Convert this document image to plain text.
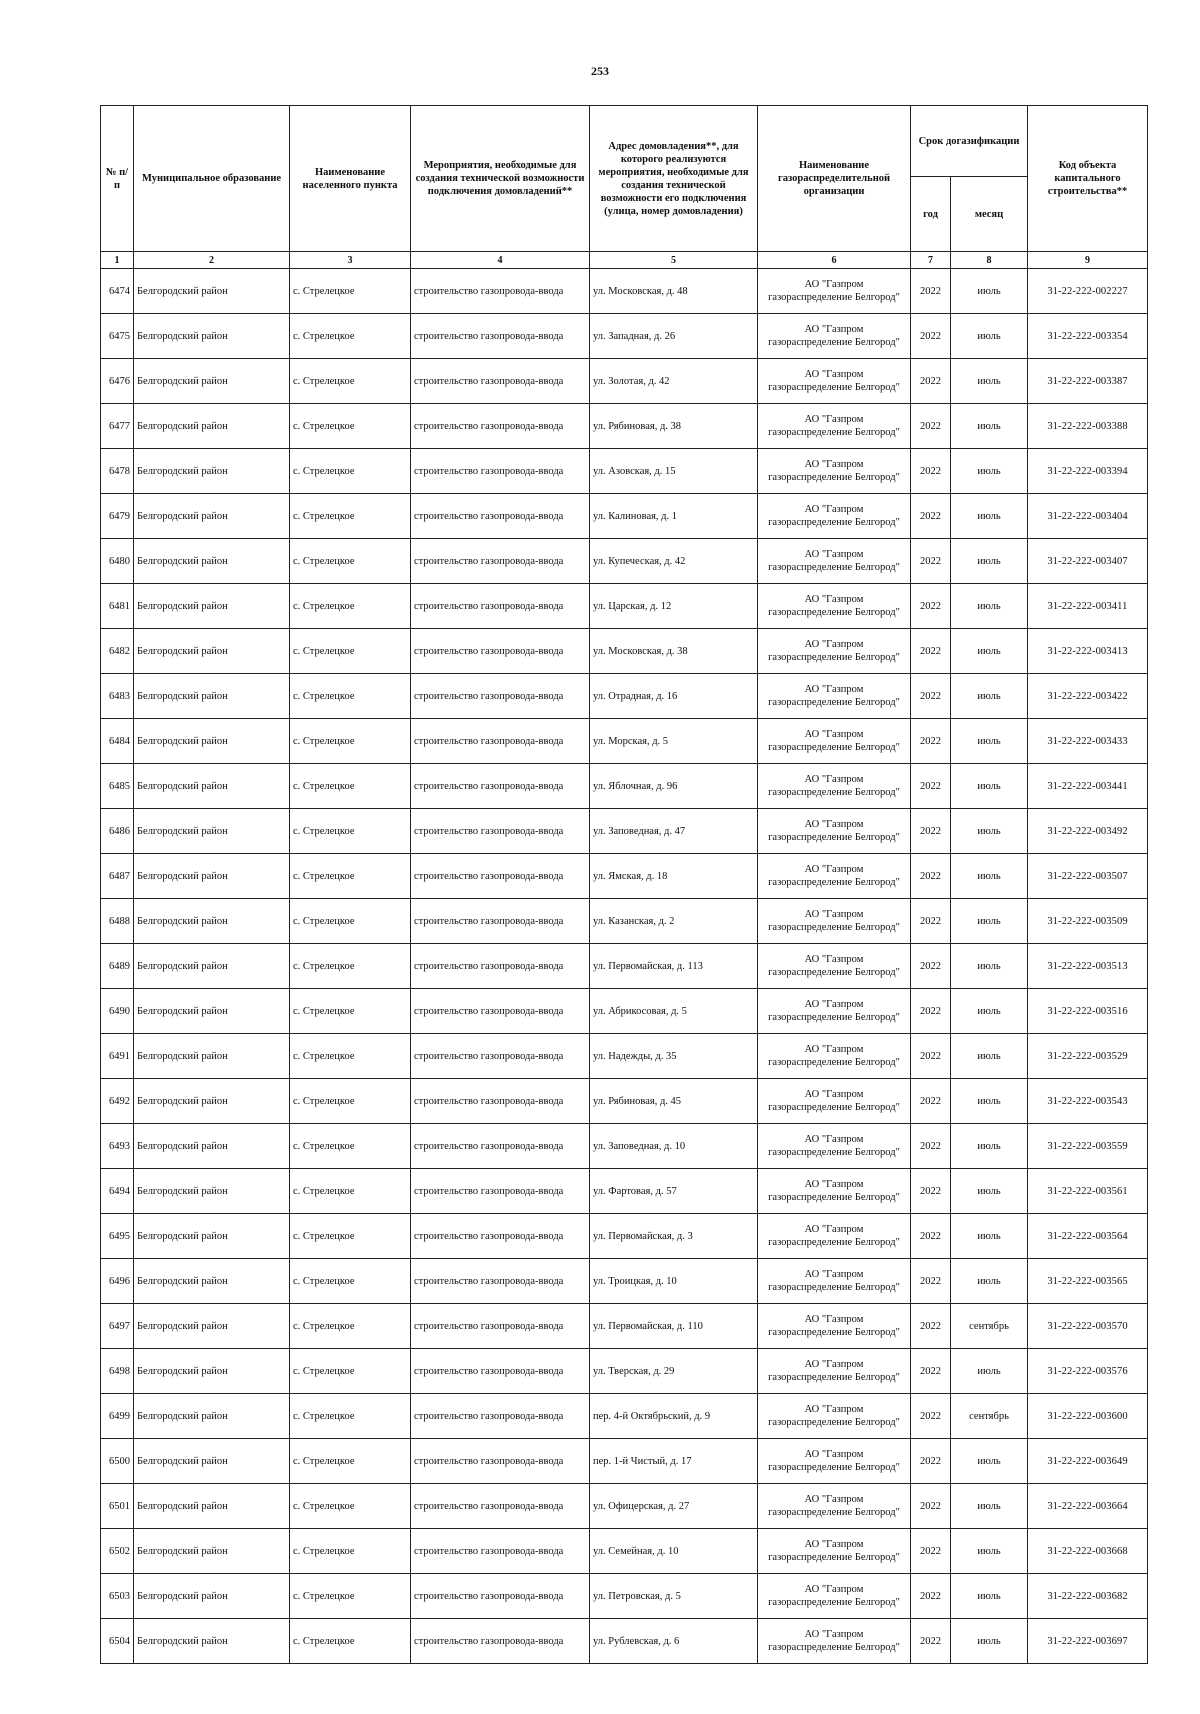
253
№ п/п	Муниципальное образование	Наименование населенного пункта	Мероприятия, необходимые для создания технической возможности подключения домовладений**	Адрес домовладения**, для которого реализуются мероприятия, необходимые для создания технической возможности его подключения (улица, номер домовладения)	Наименование газораспределительной организации	Срок догазификации		Код объекта капитального строительства**
						год	месяц	
1	2	3	4	5	6	7	8	9
6474	Белгородский район	с. Стрелецкое	строительство газопровода-ввода	ул. Московская, д. 48	АО "Газпром
газораспределение Белгород"	2022	июль	31-22-222-002227
6475	Белгородский район	с. Стрелецкое	строительство газопровода-ввода	ул. Западная, д. 26	АО "Газпром
газораспределение Белгород"	2022	июль	31-22-222-003354
6476	Белгородский район	с. Стрелецкое	строительство газопровода-ввода	ул. Золотая, д. 42	АО "Газпром
газораспределение Белгород"	2022	июль	31-22-222-003387
6477	Белгородский район	с. Стрелецкое	строительство газопровода-ввода	ул. Рябиновая, д. 38	АО "Газпром
газораспределение Белгород"	2022	июль	31-22-222-003388
6478	Белгородский район	с. Стрелецкое	строительство газопровода-ввода	ул. Азовская, д. 15	АО "Газпром
газораспределение Белгород"	2022	июль	31-22-222-003394
6479	Белгородский район	с. Стрелецкое	строительство газопровода-ввода	ул. Калиновая, д. 1	АО "Газпром
газораспределение Белгород"	2022	июль	31-22-222-003404
6480	Белгородский район	с. Стрелецкое	строительство газопровода-ввода	ул. Купеческая, д. 42	АО "Газпром
газораспределение Белгород"	2022	июль	31-22-222-003407
6481	Белгородский район	с. Стрелецкое	строительство газопровода-ввода	ул. Царская, д. 12	АО "Газпром
газораспределение Белгород"	2022	июль	31-22-222-003411
6482	Белгородский район	с. Стрелецкое	строительство газопровода-ввода	ул. Московская, д. 38	АО "Газпром
газораспределение Белгород"	2022	июль	31-22-222-003413
6483	Белгородский район	с. Стрелецкое	строительство газопровода-ввода	ул. Отрадная, д. 16	АО "Газпром
газораспределение Белгород"	2022	июль	31-22-222-003422
6484	Белгородский район	с. Стрелецкое	строительство газопровода-ввода	ул. Морская, д. 5	АО "Газпром
газораспределение Белгород"	2022	июль	31-22-222-003433
6485	Белгородский район	с. Стрелецкое	строительство газопровода-ввода	ул. Яблочная, д. 96	АО "Газпром
газораспределение Белгород"	2022	июль	31-22-222-003441
6486	Белгородский район	с. Стрелецкое	строительство газопровода-ввода	ул. Заповедная, д. 47	АО "Газпром
газораспределение Белгород"	2022	июль	31-22-222-003492
6487	Белгородский район	с. Стрелецкое	строительство газопровода-ввода	ул. Ямская, д. 18	АО "Газпром
газораспределение Белгород"	2022	июль	31-22-222-003507
6488	Белгородский район	с. Стрелецкое	строительство газопровода-ввода	ул. Казанская, д. 2	АО "Газпром
газораспределение Белгород"	2022	июль	31-22-222-003509
6489	Белгородский район	с. Стрелецкое	строительство газопровода-ввода	ул. Первомайская, д. 113	АО "Газпром
газораспределение Белгород"	2022	июль	31-22-222-003513
6490	Белгородский район	с. Стрелецкое	строительство газопровода-ввода	ул. Абрикосовая, д. 5	АО "Газпром
газораспределение Белгород"	2022	июль	31-22-222-003516
6491	Белгородский район	с. Стрелецкое	строительство газопровода-ввода	ул. Надежды, д. 35	АО "Газпром
газораспределение Белгород"	2022	июль	31-22-222-003529
6492	Белгородский район	с. Стрелецкое	строительство газопровода-ввода	ул. Рябиновая, д. 45	АО "Газпром
газораспределение Белгород"	2022	июль	31-22-222-003543
6493	Белгородский район	с. Стрелецкое	строительство газопровода-ввода	ул. Заповедная, д. 10	АО "Газпром
газораспределение Белгород"	2022	июль	31-22-222-003559
6494	Белгородский район	с. Стрелецкое	строительство газопровода-ввода	ул. Фартовая, д. 57	АО "Газпром
газораспределение Белгород"	2022	июль	31-22-222-003561
6495	Белгородский район	с. Стрелецкое	строительство газопровода-ввода	ул. Первомайская, д. 3	АО "Газпром
газораспределение Белгород"	2022	июль	31-22-222-003564
6496	Белгородский район	с. Стрелецкое	строительство газопровода-ввода	ул. Троицкая, д. 10	АО "Газпром
газораспределение Белгород"	2022	июль	31-22-222-003565
6497	Белгородский район	с. Стрелецкое	строительство газопровода-ввода	ул. Первомайская, д. 110	АО "Газпром
газораспределение Белгород"	2022	сентябрь	31-22-222-003570
6498	Белгородский район	с. Стрелецкое	строительство газопровода-ввода	ул. Тверская, д. 29	АО "Газпром
газораспределение Белгород"	2022	июль	31-22-222-003576
6499	Белгородский район	с. Стрелецкое	строительство газопровода-ввода	пер. 4-й Октябрьский, д. 9	АО "Газпром
газораспределение Белгород"	2022	сентябрь	31-22-222-003600
6500	Белгородский район	с. Стрелецкое	строительство газопровода-ввода	пер. 1-й Чистый, д. 17	АО "Газпром
газораспределение Белгород"	2022	июль	31-22-222-003649
6501	Белгородский район	с. Стрелецкое	строительство газопровода-ввода	ул. Офицерская, д. 27	АО "Газпром
газораспределение Белгород"	2022	июль	31-22-222-003664
6502	Белгородский район	с. Стрелецкое	строительство газопровода-ввода	ул. Семейная, д. 10	АО "Газпром
газораспределение Белгород"	2022	июль	31-22-222-003668
6503	Белгородский район	с. Стрелецкое	строительство газопровода-ввода	ул. Петровская, д. 5	АО "Газпром
газораспределение Белгород"	2022	июль	31-22-222-003682
6504	Белгородский район	с. Стрелецкое	строительство газопровода-ввода	ул. Рублевская, д. 6	АО "Газпром
газораспределение Белгород"	2022	июль	31-22-222-003697
